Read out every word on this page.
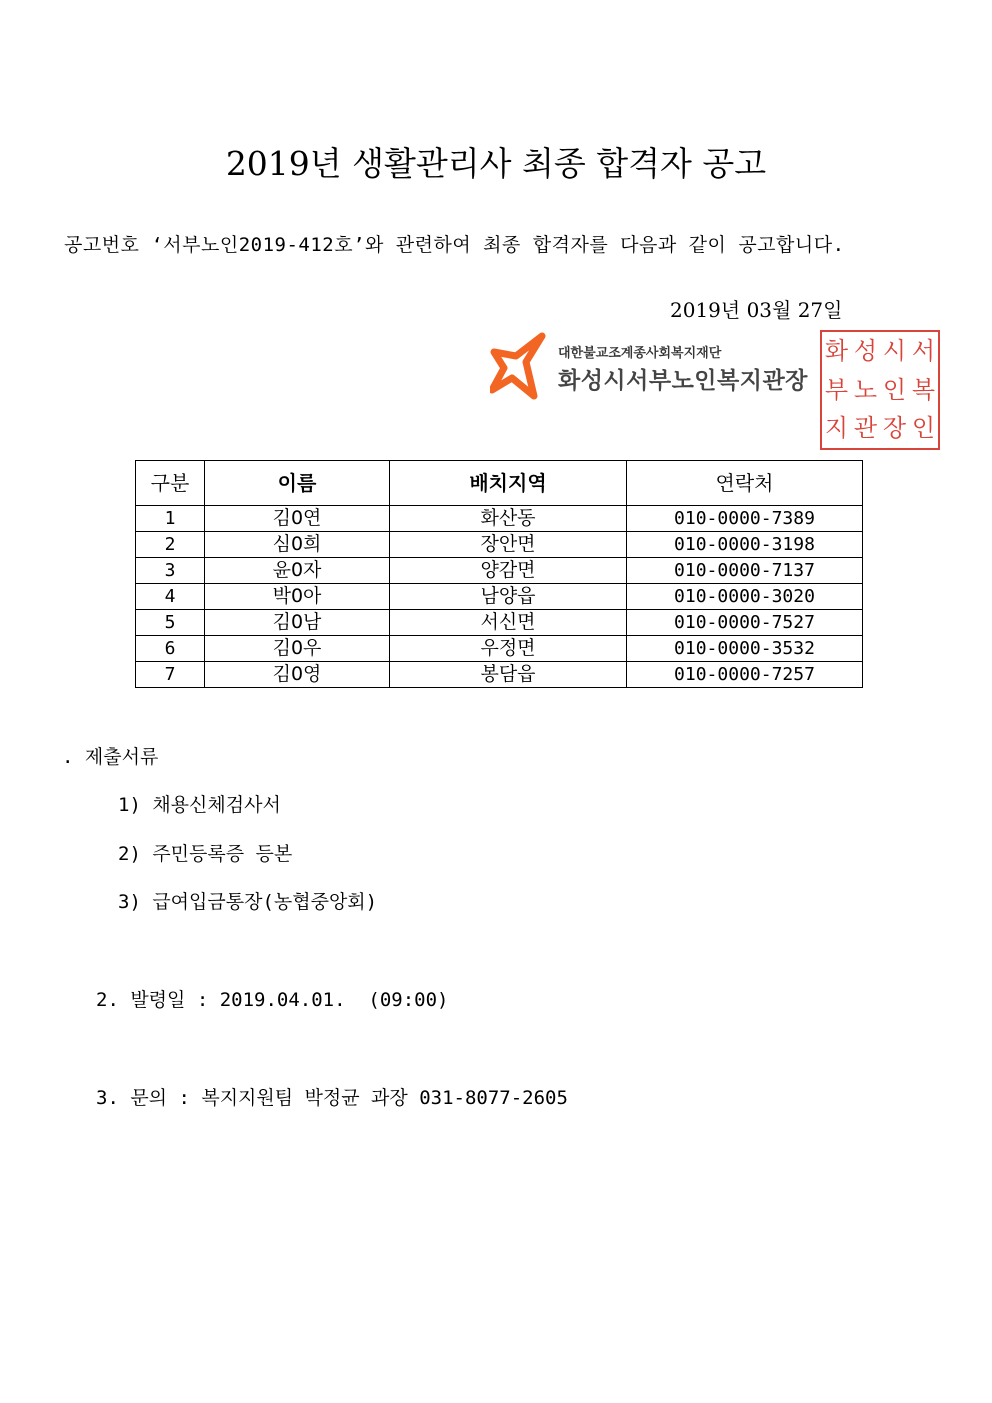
2019년 생활관리사 최종 합격자 공고
공고번호 ‘서부노인2019-412호’와 관련하여 최종 합격자를 다음과 같이 공고합니다.
2019년 03월 27일
대한불교조계종사회복지재단
화성시서부노인복지관장
화 성 시 서
부 노 인 복
지 관 장 인
구분	이름	배치지역	연락처
1	김0연	화산동	010-0000-7389
2	심0희	장안면	010-0000-3198
3	윤0자	양감면	010-0000-7137
4	박0아	남양읍	010-0000-3020
5	김0남	서신면	010-0000-7527
6	김0우	우정면	010-0000-3532
7	김0영	봉담읍	010-0000-7257
. 제출서류
1) 채용신체검사서
2) 주민등록증 등본
3) 급여입금통장(농협중앙회)
2. 발령일 : 2019.04.01.  (09:00)
3. 문의 : 복지지원팀 박정균 과장 031-8077-2605
